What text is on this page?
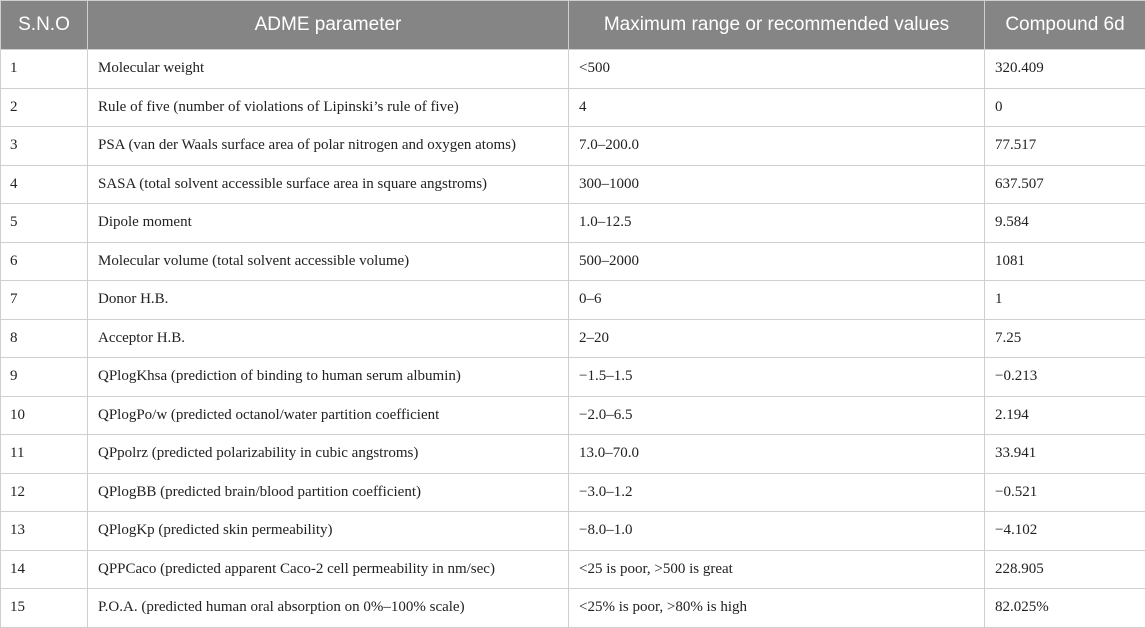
S.N.O	ADME parameter	Maximum range or recommended values	Compound 6d
1	Molecular weight	<500	320.409
2	Rule of five (number of violations of Lipinski’s rule of five)	4	0
3	PSA (van der Waals surface area of polar nitrogen and oxygen atoms)	7.0–200.0	77.517
4	SASA (total solvent accessible surface area in square angstroms)	300–1000	637.507
5	Dipole moment	1.0–12.5	9.584
6	Molecular volume (total solvent accessible volume)	500–2000	1081
7	Donor H.B.	0–6	1
8	Acceptor H.B.	2–20	7.25
9	QPlogKhsa (prediction of binding to human serum albumin)	−1.5–1.5	−0.213
10	QPlogPo/w (predicted octanol/water partition coefficient	−2.0–6.5	2.194
11	QPpolrz (predicted polarizability in cubic angstroms)	13.0–70.0	33.941
12	QPlogBB (predicted brain/blood partition coefficient)	−3.0–1.2	−0.521
13	QPlogKp (predicted skin permeability)	−8.0–1.0	−4.102
14	QPPCaco (predicted apparent Caco-2 cell permeability in nm/sec)	<25 is poor, >500 is great	228.905
15	P.O.A. (predicted human oral absorption on 0%–100% scale)	<25% is poor, >80% is high	82.025%
